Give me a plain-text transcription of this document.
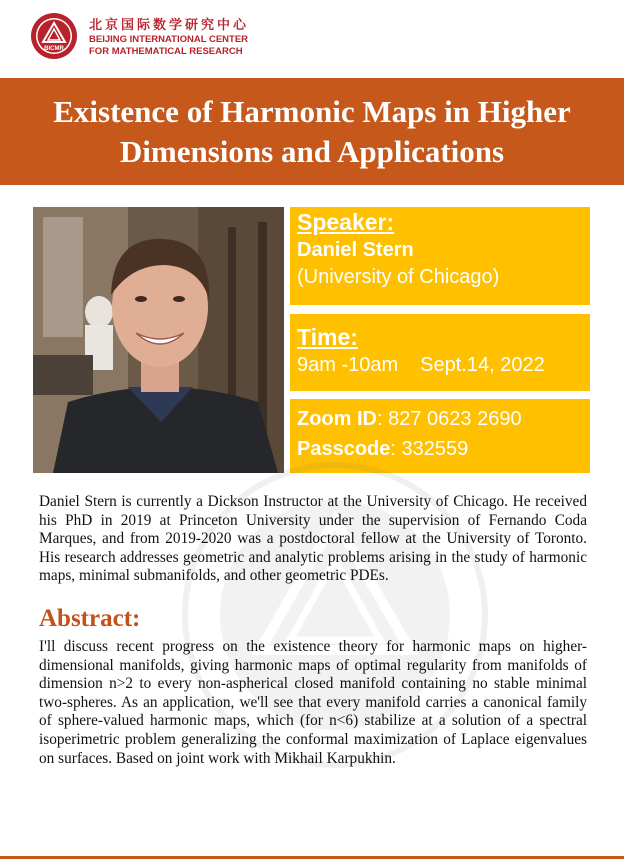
BICMR
北京国际数学研究中心
BEIJING INTERNATIONAL CENTER FOR MATHEMATICAL RESEARCH
Existence of Harmonic Maps in Higher
Dimensions and Applications
Speaker:
Daniel Stern
(University of Chicago)
Time:
9am -10am Sept.14, 2022
Zoom ID: 827 0623 2690
Passcode: 332559
Daniel Stern is currently a Dickson Instructor at the University of Chicago. He received his PhD in 2019 at Princeton University under the supervision of Fernando Coda Marques, and from 2019-2020 was a postdoctoral fellow at the University of Toronto. His research addresses geometric and analytic problems arising in the study of harmonic maps, minimal submanifolds, and other geometric PDEs.
Abstract:
I'll discuss recent progress on the existence theory for harmonic maps on higher-dimensional manifolds, giving harmonic maps of optimal regularity from manifolds of dimension n>2 to every non-aspherical closed manifold containing no stable minimal two-spheres. As an application, we'll see that every manifold carries a canonical family of sphere-valued harmonic maps, which (for n<6) stabilize at a solution of a spectral isoperimetric problem generalizing the conformal maximization of Laplace eigenvalues on surfaces. Based on joint work with Mikhail Karpukhin.
